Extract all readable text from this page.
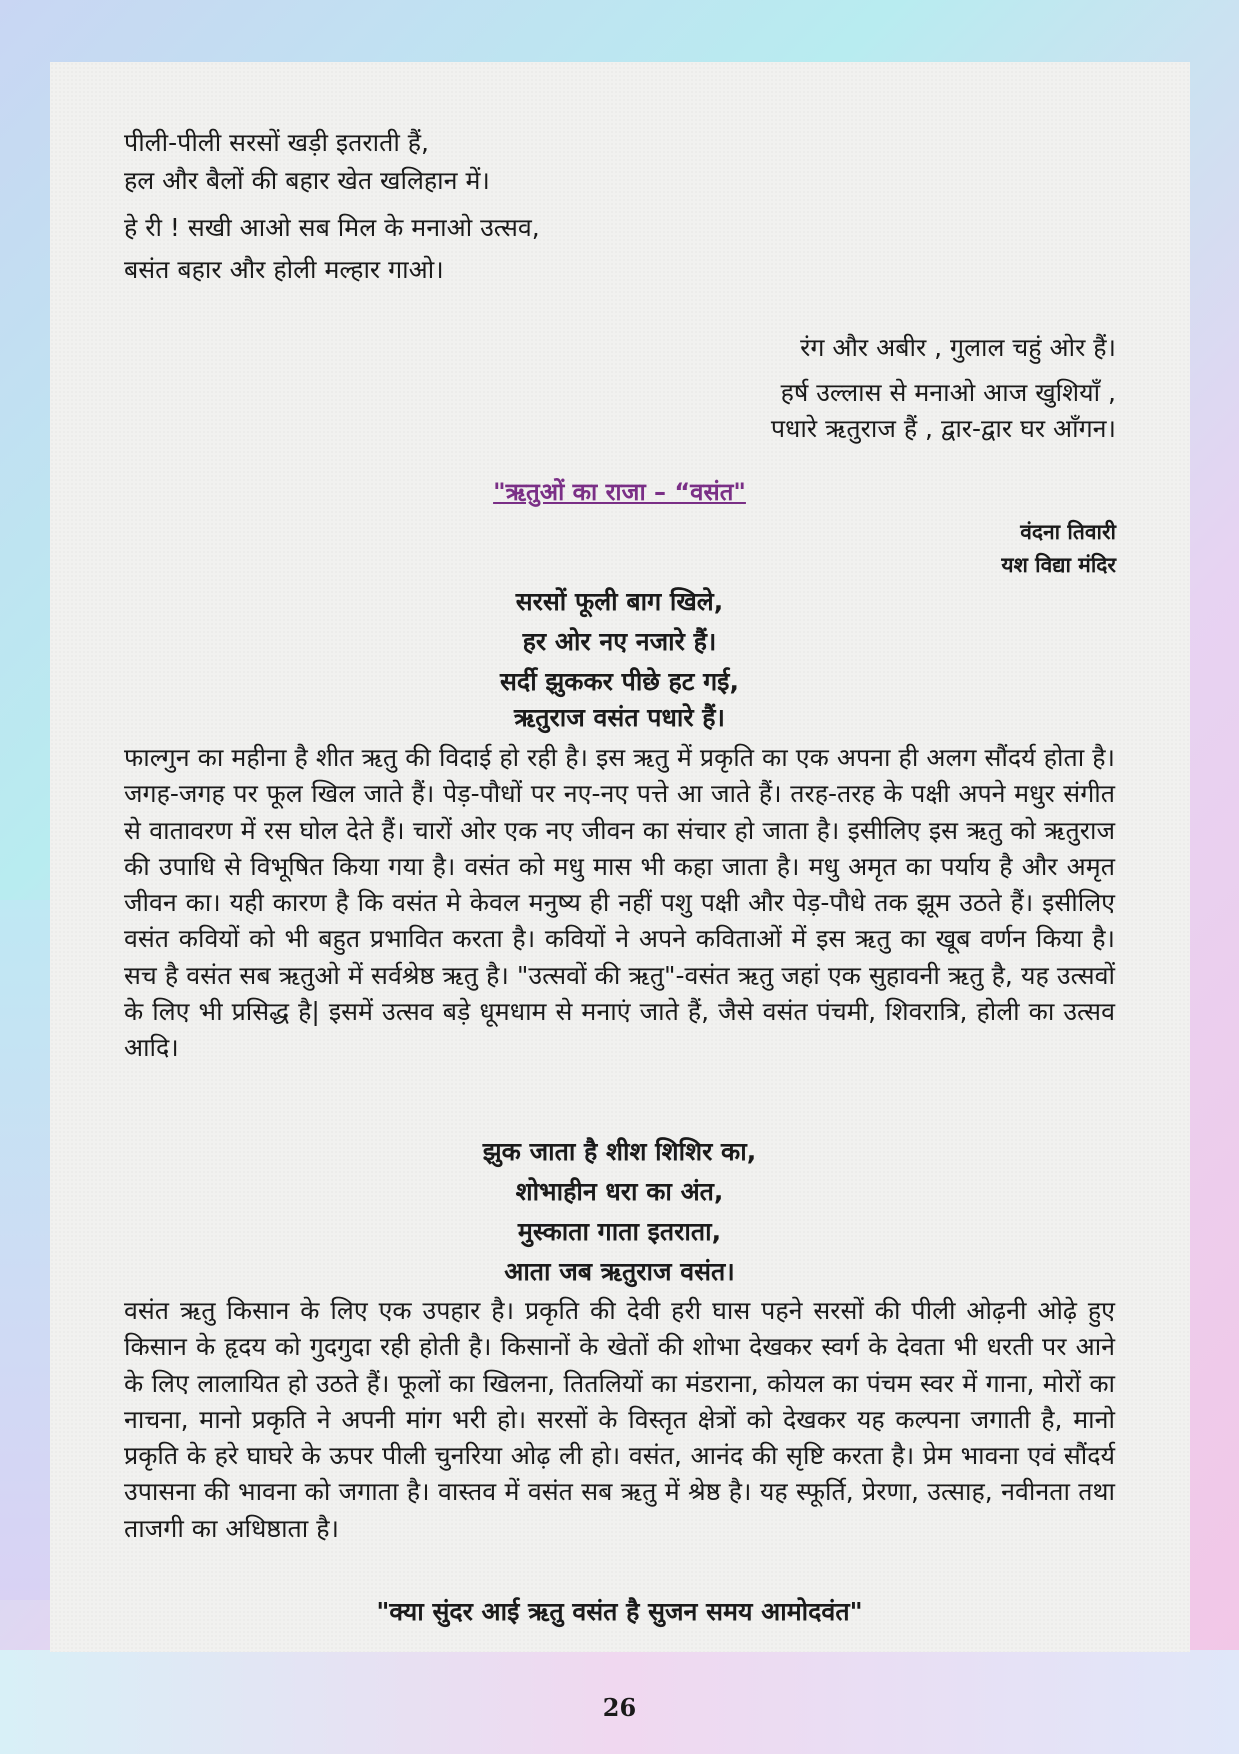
पीली-पीली सरसों खड़ी इतराती हैं,
हल और बैलों की बहार खेत खलिहान में।
हे री ! सखी आओ सब मिल के मनाओ उत्सव,
बसंत बहार और होली मल्हार गाओ।
रंग और अबीर , गुलाल चहुं ओर हैं।
हर्ष उल्लास से मनाओ आज खुशियाँ ,
पधारे ऋतुराज हैं , द्वार-द्वार घर आँगन।
"ऋतुओं का राजा – “वसंत"
वंदना तिवारी
यश विद्या मंदिर
सरसों फूली बाग खिले,
हर ओर नए नजारे हैं।
सर्दी झुककर पीछे हट गई,
ऋतुराज वसंत पधारे हैं।

फाल्गुन का महीना है शीत ऋतु की विदाई हो रही है। इस ऋतु में प्रकृति का एक अपना ही अलग सौंदर्य होता है। जगह-जगह पर फूल खिल जाते हैं। पेड़-पौधों पर नए-नए पत्ते आ जाते हैं। तरह-तरह के पक्षी अपने मधुर संगीत से वातावरण में रस घोल देते हैं। चारों ओर एक नए जीवन का संचार हो जाता है। इसीलिए इस ऋतु को ऋतुराज की उपाधि से विभूषित किया गया है। वसंत को मधु मास भी कहा जाता है। मधु अमृत का पर्याय है और अमृत जीवन का। यही कारण है कि वसंत मे केवल मनुष्य ही नहीं पशु पक्षी और पेड़-पौधे तक झूम उठते हैं। इसीलिए वसंत कवियों को भी बहुत प्रभावित करता है। कवियों ने अपने कविताओं में इस ऋतु का खूब वर्णन किया है। सच है वसंत सब ऋतुओ में सर्वश्रेष्ठ ऋतु है। "उत्सवों की ऋतु"-वसंत ऋतु जहां एक सुहावनी ऋतु है, यह उत्सवों के लिए भी प्रसिद्ध है| इसमें उत्सव बड़े धूमधाम से मनाएं जाते हैं, जैसे वसंत पंचमी, शिवरात्रि, होली का उत्सव आदि।

झुक जाता है शीश शिशिर का,
शोभाहीन धरा का अंत,
मुस्काता गाता इतराता,
आता जब ऋतुराज वसंत।

वसंत ऋतु किसान के लिए एक उपहार है। प्रकृति की देवी हरी घास पहने सरसों की पीली ओढ़नी ओढ़े हुए किसान के हृदय को गुदगुदा रही होती है। किसानों के खेतों की शोभा देखकर स्वर्ग के देवता भी धरती पर आने के लिए लालायित हो उठते हैं। फूलों का खिलना, तितलियों का मंडराना, कोयल का पंचम स्वर में गाना, मोरों का नाचना, मानो प्रकृति ने अपनी मांग भरी हो। सरसों के विस्तृत क्षेत्रों को देखकर यह कल्पना जगाती है, मानो प्रकृति के हरे घाघरे के ऊपर पीली चुनरिया ओढ़ ली हो। वसंत, आनंद की सृष्टि करता है। प्रेम भावना एवं सौंदर्य उपासना की भावना को जगाता है। वास्तव में वसंत सब ऋतु में श्रेष्ठ है। यह स्फूर्ति, प्रेरणा, उत्साह, नवीनता तथा ताजगी का अधिष्ठाता है।

"क्या सुंदर आई ऋतु वसंत है सुजन समय आमोदवंत"
26
